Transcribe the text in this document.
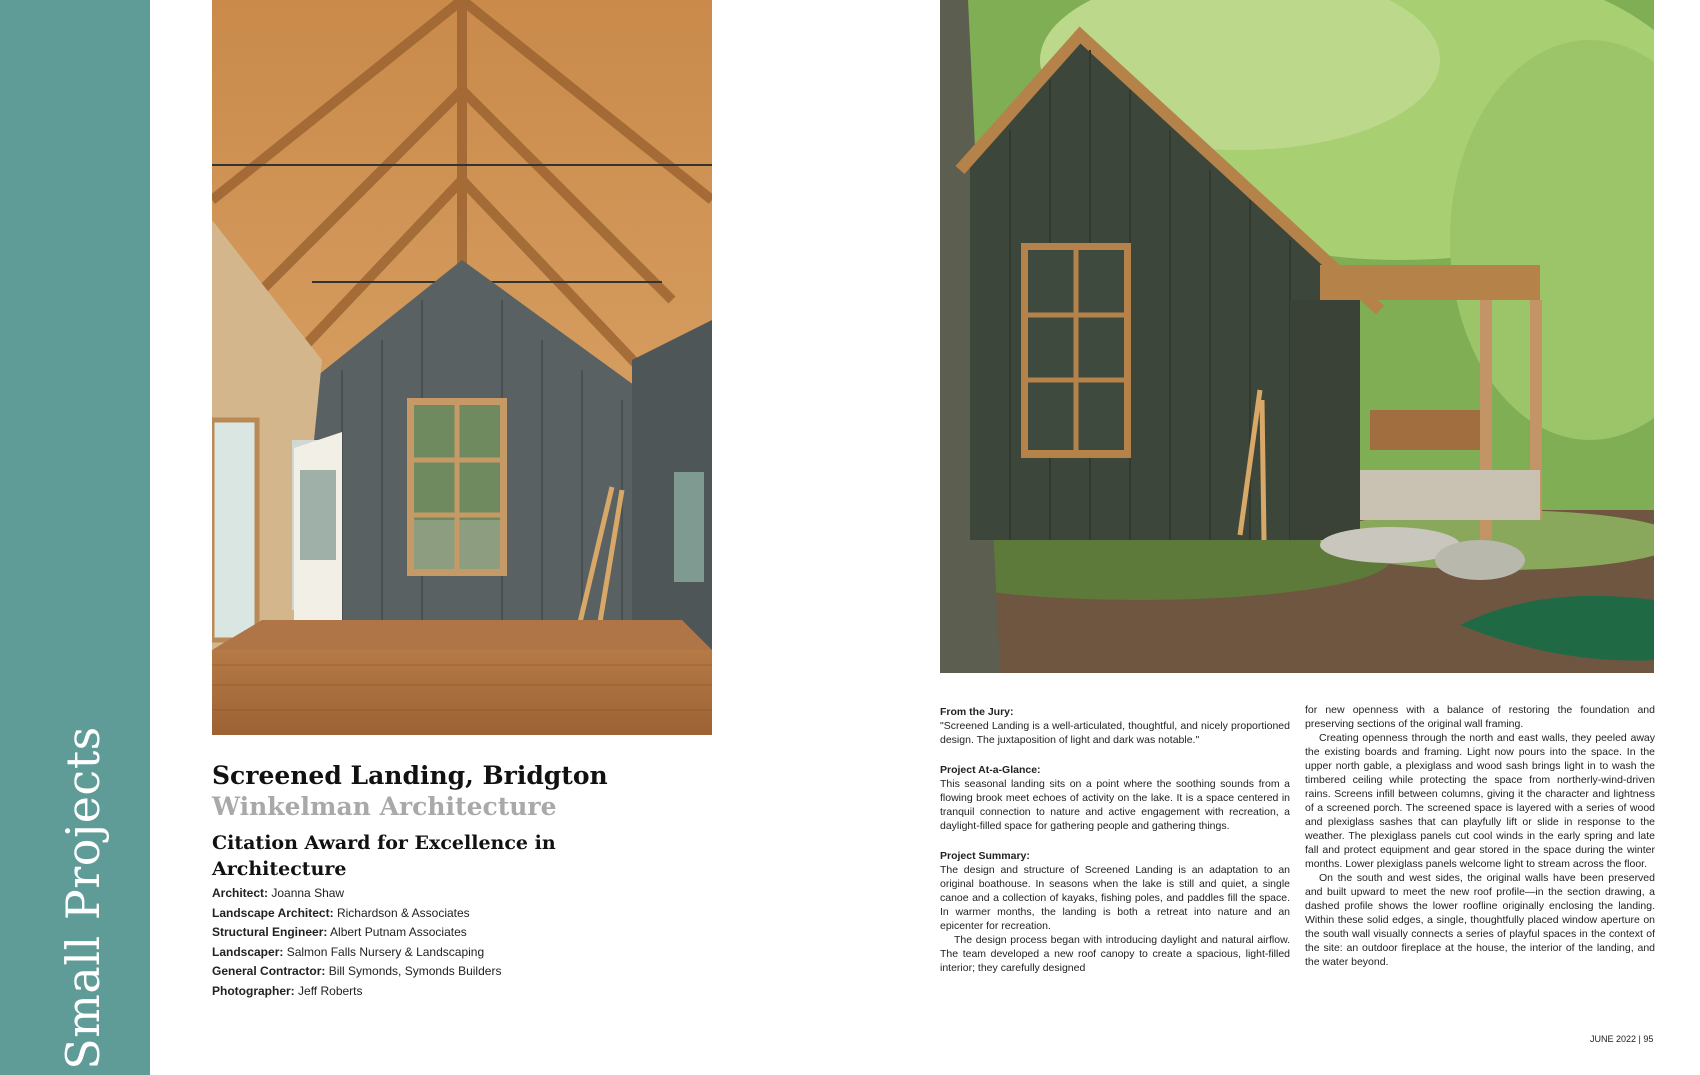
Small Projects	Screened Landing, Bridgton
Winkelman Architecture
Citation Award for Excellence in Architecture
Architect: Joanna Shaw
Landscape Architect: Richardson & Associates
Structural Engineer: Albert Putnam Associates
Landscaper: Salmon Falls Nursery & Landscaping
General Contractor: Bill Symonds, Symonds Builders
Photographer: Jeff Roberts

From the Jury:

"Screened Landing is a well-articulated, thoughtful, and nicely proportioned design. The juxtaposition of light and dark was notable."

Project At-a-Glance:

This seasonal landing sits on a point where the soothing sounds from a flowing brook meet echoes of activity on the lake. It is a space centered in tranquil connection to nature and active engagement with recreation, a daylight-filled space for gathering people and gathering things.

Project Summary:

The design and structure of Screened Landing is an adaptation to an original boathouse. In seasons when the lake is still and quiet, a single canoe and a collection of kayaks, fishing poles, and paddles fill the space. In warmer months, the landing is both a retreat into nature and an epicenter for recreation.

The design process began with introducing daylight and natural airflow. The team developed a new roof canopy to create a spacious, light-filled interior; they carefully designed

for new openness with a balance of restoring the foundation and preserving sections of the original wall framing.

Creating openness through the north and east walls, they peeled away the existing boards and framing. Light now pours into the space. In the upper north gable, a plexiglass and wood sash brings light in to wash the timbered ceiling while protecting the space from northerly-wind-driven rains. Screens infill between columns, giving it the character and lightness of a screened porch. The screened space is layered with a series of wood and plexiglass sashes that can playfully lift or slide in response to the weather. The plexiglass panels cut cool winds in the early spring and late fall and protect equipment and gear stored in the space during the winter months. Lower plexiglass panels welcome light to stream across the floor.

On the south and west sides, the original walls have been preserved and built upward to meet the new roof profile—in the section drawing, a dashed profile shows the lower roofline originally enclosing the landing. Within these solid edges, a single, thoughtfully placed window aperture on the south wall visually connects a series of playful spaces in the context of the site: an outdoor fireplace at the house, the interior of the landing, and the water beyond.

JUNE 2022 | 95
